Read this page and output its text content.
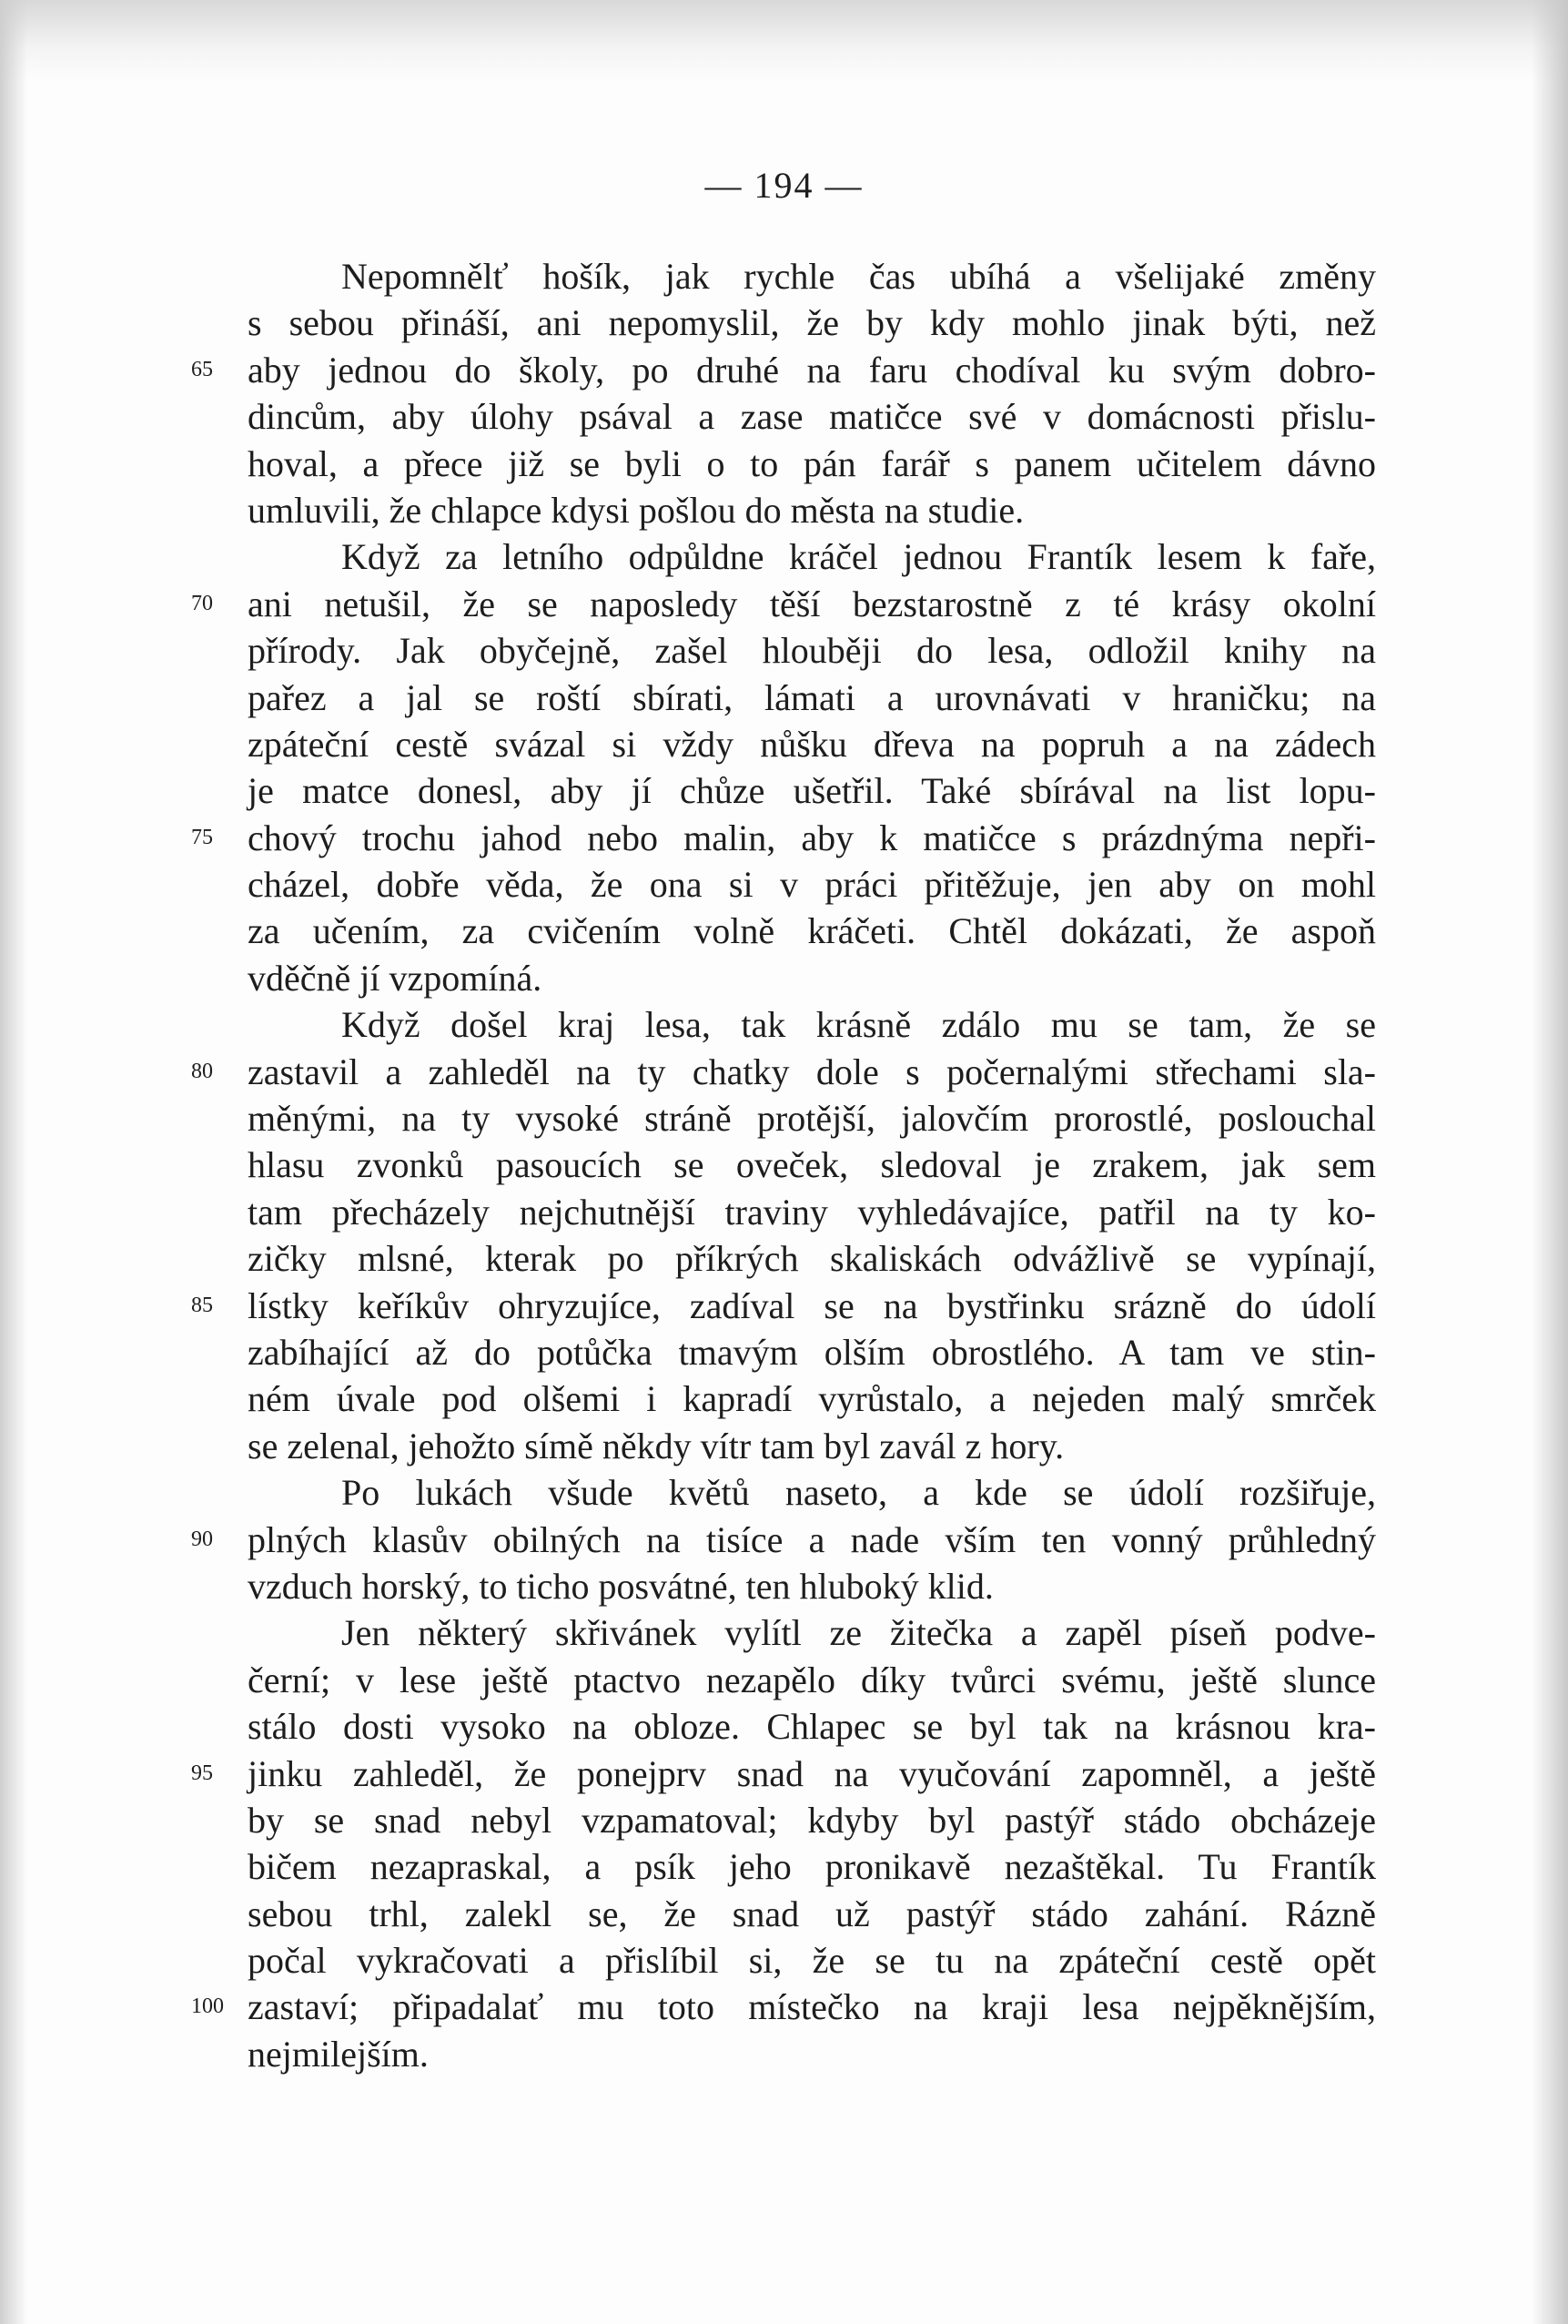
— 194 —
Nepomnělť hošík, jak rychle čas ubíhá a všelijaké změny
s sebou přináší, ani nepomyslil, že by kdy mohlo jinak býti, než
aby jednou do školy, po druhé na faru chodíval ku svým dobro-
65
dincům, aby úlohy psával a zase matičce své v domácnosti přislu-
hoval, a přece již se byli o to pán farář s panem učitelem dávno
umluvili, že chlapce kdysi pošlou do města na studie.
Když za letního odpůldne kráčel jednou Frantík lesem k faře,
ani netušil, že se naposledy těší bezstarostně z té krásy okolní
70
přírody. Jak obyčejně, zašel hlouběji do lesa, odložil knihy na
pařez a jal se roští sbírati, lámati a urovnávati v hraničku; na
zpáteční cestě svázal si vždy nůšku dřeva na popruh a na zádech
je matce donesl, aby jí chůze ušetřil. Také sbírával na list lopu-
chový trochu jahod nebo malin, aby k matičce s prázdnýma nepři-
75
cházel, dobře věda, že ona si v práci přitěžuje, jen aby on mohl
za učením, za cvičením volně kráčeti. Chtěl dokázati, že aspoň
vděčně jí vzpomíná.
Když došel kraj lesa, tak krásně zdálo mu se tam, že se
zastavil a zahleděl na ty chatky dole s počernalými střechami sla-
80
měnými, na ty vysoké stráně protější, jalovčím prorostlé, poslouchal
hlasu zvonků pasoucích se oveček, sledoval je zrakem, jak sem
tam přecházely nejchutnější traviny vyhledávajíce, patřil na ty ko-
zičky mlsné, kterak po příkrých skaliskách odvážlivě se vypínají,
lístky keříkův ohryzujíce, zadíval se na bystřinku srázně do údolí
85
zabíhající až do potůčka tmavým olším obrostlého. A tam ve stin-
ném úvale pod olšemi i kapradí vyrůstalo, a nejeden malý smrček
se zelenal, jehožto símě někdy vítr tam byl zavál z hory.
Po lukách všude květů naseto, a kde se údolí rozšiřuje,
plných klasův obilných na tisíce a nade vším ten vonný průhledný
90
vzduch horský, to ticho posvátné, ten hluboký klid.
Jen některý skřivánek vylítl ze žitečka a zapěl píseň podve-
černí; v lese ještě ptactvo nezapělo díky tvůrci svému, ještě slunce
stálo dosti vysoko na obloze. Chlapec se byl tak na krásnou kra-
jinku zahleděl, že ponejprv snad na vyučování zapomněl, a ještě
95
by se snad nebyl vzpamatoval; kdyby byl pastýř stádo obcházeje
bičem nezapraskal, a psík jeho pronikavě nezaštěkal. Tu Frantík
sebou trhl, zalekl se, že snad už pastýř stádo zahání. Rázně
počal vykračovati a přislíbil si, že se tu na zpáteční cestě opět
zastaví; připadalať mu toto místečko na kraji lesa nejpěknějším,
100
nejmilejším.
